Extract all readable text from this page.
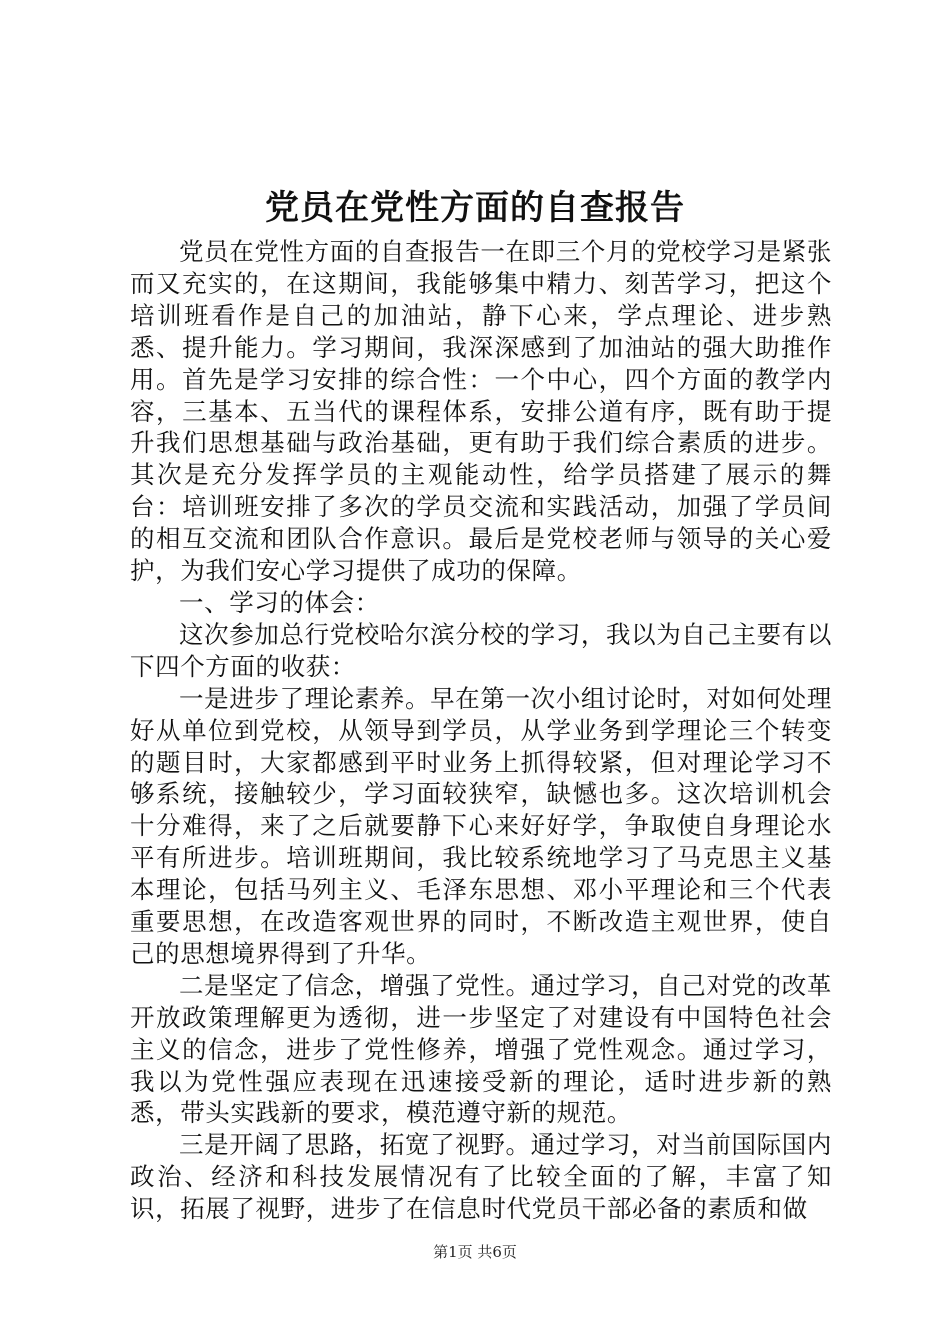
党员在党性方面的自查报告

党员在党性方面的自查报告一在即三个月的党校学习是紧张而又充实的，在这期间，我能够集中精力、刻苦学习，把这个培训班看作是自己的加油站，静下心来，学点理论、进步熟悉、提升能力。学习期间，我深深感到了加油站的强大助推作用。首先是学习安排的综合性：一个中心，四个方面的教学内容，三基本、五当代的课程体系，安排公道有序，既有助于提升我们思想基础与政治基础，更有助于我们综合素质的进步。其次是充分发挥学员的主观能动性，给学员搭建了展示的舞台：培训班安排了多次的学员交流和实践活动，加强了学员间的相互交流和团队合作意识。最后是党校老师与领导的关心爱护，为我们安心学习提供了成功的保障。

一、学习的体会：

这次参加总行党校哈尔滨分校的学习，我以为自己主要有以下四个方面的收获：

一是进步了理论素养。早在第一次小组讨论时，对如何处理好从单位到党校，从领导到学员，从学业务到学理论三个转变的题目时，大家都感到平时业务上抓得较紧，但对理论学习不够系统，接触较少，学习面较狭窄，缺憾也多。这次培训机会十分难得，来了之后就要静下心来好好学，争取使自身理论水平有所进步。培训班期间，我比较系统地学习了马克思主义基本理论，包括马列主义、毛泽东思想、邓小平理论和三个代表重要思想，在改造客观世界的同时，不断改造主观世界，使自己的思想境界得到了升华。

二是坚定了信念，增强了党性。通过学习，自己对党的改革开放政策理解更为透彻，进一步坚定了对建设有中国特色社会主义的信念，进步了党性修养，增强了党性观念。通过学习，我以为党性强应表现在迅速接受新的理论，适时进步新的熟悉，带头实践新的要求，模范遵守新的规范。

三是开阔了思路，拓宽了视野。通过学习，对当前国际国内政治、经济和科技发展情况有了比较全面的了解，丰富了知识，拓展了视野，进步了在信息时代党员干部必备的素质和做

第1页 共6页
